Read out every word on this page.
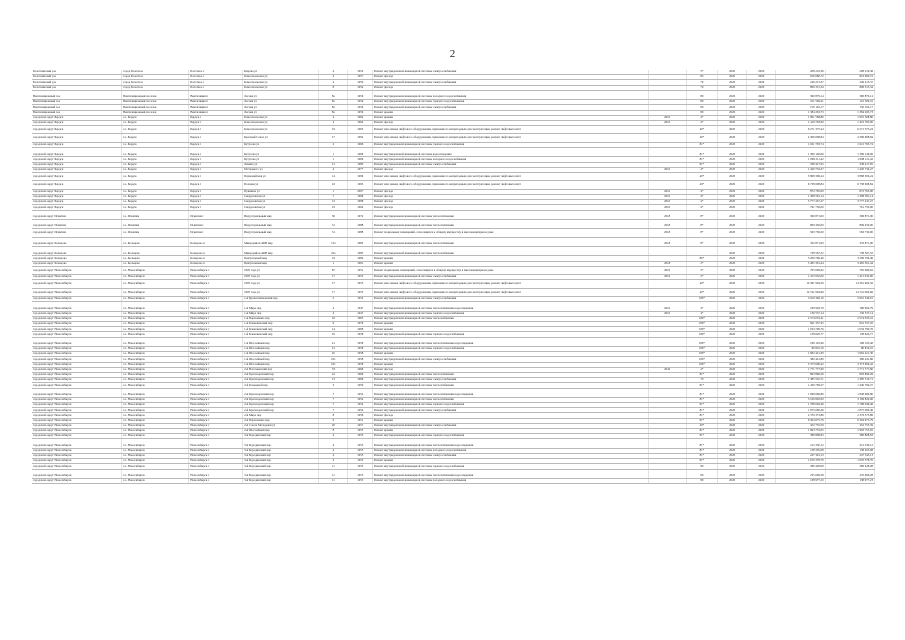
2
Болотнинский р-н	город Болотное	Болотное г	Кирова ул	4	1952	Ремонт внутридомовой инженерной системы электроснабжения		3*	2020	2020	208 216,36	208 216,36
Болотнинский р-н	город Болотное	Болотное г	Комсомольская ул	4	1957	Ремонт фасада		83	2020	2020	816 660,72	816 660,72
Болотнинский р-н	город Болотное	Болотное г	Комсомольская ул	4	1959	Ремонт внутридомовой инженерной системы электроснабжения		70	2020	2020	249 213,37	249 213,37
Болотнинский р-н	город Болотное	Болотное г	Комсомольская ул	8	1954	Ремонт фасада		70	2020	2020	806 315,34	806 315,34

Вентиляционный п-к	Вентиляционный поселок	Вентиляция п	Лесная ул	8а	1956	Ремонт внутридомовой инженерной системы холодного водоснабжения		80	2020	2020	390 879,14	390 879,14
Вентиляционный п-к	Вентиляционный поселок	Вентиляция п	Лесная ул	8а	1956	Ремонт внутридомовой инженерной системы горячего водоснабжения		80	2020	2020	101 509,41	101 509,41
Вентиляционный п-к	Вентиляционный поселок	Вентиляция п	Лесная ул	8а	1956	Ремонт внутридомовой инженерной системы электроснабжения		80	2020	2020	150 102,17	150 102,17
Вентиляционный п-к	Вентиляционный поселок	Вентиляция п	Лесная ул	8а	1956	Ремонт крыши		80	2020	2020	1 384 263,73	1 384 263,73
городской округ Бердск	г.о. Бердск	Бердск г	Комсомольская ул	4	1964	Ремонт крыши	2010	4*	2020	2020	1 991 568,80	1 991 568,80
городской округ Бердск	г.о. Бердск	Бердск г	Комсомольская ул	4	1964	Ремонт фасада	2010	4*	2020	2020	1 419 763,00	1 419 763,00
городской округ Бердск	г.о. Бердск	Бердск г	Комсомольская ул	16	1965	Ремонт или замена лифтового оборудования, признанного непригодным для эксплуатации, ремонт лифтовых шахт		40*	2020	2020	6 271 375,24	6 271 375,24
городской округ Бердск	г.о. Бердск	Бердск г	Красный Сокол ул	17	1992	Ремонт или замена лифтового оборудования, признанного непригодным для эксплуатации, ремонт лифтовых шахт		40*	2020	2020	4 306 608,84	4 306 608,84
городской округ Бердск	г.о. Бердск	Бердск г	Кутузова ул	2	1966	Ремонт внутридомовой инженерной системы горячего водоснабжения		81*	2020	2020	1 021 793,74	1 021 793,74

городской округ Бердск	г.о. Бердск	Бердск г	Кутузова ул	1	1966	Ремонт внутридомовой инженерной системы водоотведения		81*	2020	2020	1 399 146,06	1 399 146,06
городской округ Бердск	г.о. Бердск	Бердск г	Кутузова ул	1	1966	Ремонт внутридомовой инженерной системы холодного водоснабжения		81*	2020	2020	1 098 211,42	1 098 211,42
городской округ Бердск	г.о. Бердск	Бердск г	Ленина ул	21	1983	Ремонт внутридомовой инженерной системы электроснабжения		81*	2020	2020	338 417,95	338 417,95
городской округ Бердск	г.о. Бердск	Бердск г	М.Горького ул	4	1977	Ремонт фасада	2010	4*	2020	2020	1 420 734,27	1 420 734,27
городской округ Бердск	г.о. Бердск	Бердск г	Первомайская ул	14	1996	Ремонт или замена лифтового оборудования, признанного непригодным для эксплуатации, ремонт лифтовых шахт		40*	2020	2020	3 868 306,24	3 868 306,24
городской округ Бердск	г.о. Бердск	Бердск г	Полевая ул	16	1995	Ремонт или замена лифтового оборудования, признанного непригодным для эксплуатации, ремонт лифтовых шахт		40*	2020	2020	6 738 608,84	6 738 608,84
городской округ Бердск	г.о. Бердск	Бердск г	Пушкина ул	1	2007	Ремонт фасада	2010	4*	2020	2020	872 765,00	872 765,00
городской округ Бердск	г.о. Бердск	Бердск г	Свердловская ул	7	1996	Ремонт фасада	2010	4*	2020	2020	1 308 581,14	1 308 581,14
городской округ Бердск	г.о. Бердск	Бердск г	Свердловская ул	13	1998	Ремонт фасада	2010	4*	2020	2020	3 777 247,27	3 777 247,27
городской округ Бердск	г.о. Бердск	Бердск г	Свердловская ул	23	1994	Ремонт фасада	2010	4*	2020	2020	761 750,00	761 750,00

городской округ Искитим	г.о. Искитим	Искитим г	Индустриальный мкр	30	1974	Ремонт внутридомовой инженерной системы теплоснабжения	2018	8*	2020	2020	306 871,00	306 871,00

городской округ Искитим	г.о. Искитим	Искитим г	Индустриальный мкр	31	1988	Ремонт внутридомовой инженерной системы теплоснабжения	2018	8*	2020	2020	809 450,00	809 450,00
городской округ Искитим	г.о. Искитим	Искитим г	Индустриальный мкр	31	1988	Ремонт подвальных помещений, относящихся к общему имуществу в многоквартирном доме	2018	8*	2020	2020	563 730,00	563 730,00

городской округ Кольцово	г.о. Кольцово	Кольцово п	Микрорайон АБВ мкр	13а	1982	Ремонт внутридомовой инженерной системы теплоснабжения	2018	8*	2020	2020	332 871,00	332 871,00

городской округ Кольцово	г.о. Кольцово	Кольцово п	Микрорайон АБВ мкр	22а	1983	Ремонт внутридомовой инженерной системы теплоснабжения			2020	2020	738 567,52	738 567,52
городской округ Кольцово	г.о. Кольцово	Кольцово п	Центральный мкр	19	1984	Ремонт крыши		80*	2020	2020	3 209 790,46	3 209 790,46
городской округ Кольцово	г.о. Кольцово	Кольцово п	Центральный мкр	1	1991	Ремонт крыши	2018	2*	2020	2020	3 465 301,44	3 465 301,44
городской округ Новосибирск	г.о. Новосибирск	Новосибирск г	1905 года ул	87	1951	Ремонт подвальных помещений, относящихся к общему имуществу в многоквартирном доме	2019	2*	2020	2020	765 609,62	765 609,62
городской округ Новосибирск	г.о. Новосибирск	Новосибирск г	1905 года ул	17	1955	Ремонт внутридомовой инженерной системы электроснабжения	2019	2*	2020	2020	1 415 932,00	1 415 932,00
городской округ Новосибирск	г.о. Новосибирск	Новосибирск г	1905 года ул	17	1955	Ремонт или замена лифтового оборудования, признанного непригодным для эксплуатации, ремонт лифтовых шахт		40*	2020	2020	14 361 904,56	14 361 904,56
городской округ Новосибирск	г.о. Новосибирск	Новосибирск г	1905 года ул	17	1955	Ремонт или замена лифтового оборудования, признанного непригодным для эксплуатации, ремонт лифтовых шахт		40*	2020	2020	14 741 904,66	14 741 904,66
городской округ Новосибирск	г.о. Новосибирск	Новосибирск г	1-й Бронштейновский пер	5	1952	Ремонт внутридомовой инженерной системы электроснабжения		180*	2020	2020	3 910 346,10	3 910 346,10

городской округ Новосибирск	г.о. Новосибирск	Новосибирск г	1-й Мира пер	4	1947	Ремонт внутридомовой инженерной системы теплоснабжения водоотведения	2010	4*	2020	2020	180 904,79	180 904,79
городской округ Новосибирск	г.о. Новосибирск	Новосибирск г	1-й Мира пер	4	1947	Ремонт внутридомовой инженерной системы горячего водоснабжения	2010	4*	2020	2020	136 537,14	136 537,14
городской округ Новосибирск	г.о. Новосибирск	Новосибирск г	1-й Пархоменко пер	16	1965	Ремонт внутридомовой инженерной системы теплоснабжения		180*	2020	2020	2 574 033,41	2 574 033,41
городской округ Новосибирск	г.о. Новосибирск	Новосибирск г	1-й Кленовенский пер	9	1976	Ремонт крыши		180*	2020	2020	841 337,45	841 337,45
городской округ Новосибирск	г.о. Новосибирск	Новосибирск г	1-й Кленовенский пер	14	1968	Ремонт крыши		180*	2020	2020	1 034 799,76	1 034 799,76
городской округ Новосибирск	г.о. Новосибирск	Новосибирск г	1-й Кленовенский пер	45	1958	Ремонт внутридомовой инженерной системы горячего водоснабжения		180*	2020	2020	138 620,77	138 620,77

городской округ Новосибирск	г.о. Новосибирск	Новосибирск г	1-й Шоссейный пер	41	1958	Ремонт внутридомовой инженерной системы теплоснабжения водоотведения		180*	2020	2020	168 103,46	168 103,46
городской округ Новосибирск	г.о. Новосибирск	Новосибирск г	1-й Шоссейный пер	41	1958	Ремонт внутридомовой инженерной системы горячего водоснабжения		180*	2020	2020	80 810,10	80 810,10
городской округ Новосибирск	г.о. Новосибирск	Новосибирск г	1-й Шоссейный пер	45	1958	Ремонт крыши		180*	2020	2020	1 962 421,30	1 962 421,30
городской округ Новосибирск	г.о. Новосибирск	Новосибирск г	1-й Шоссейный пер	101	1958	Ремонт внутридомовой инженерной системы электроснабжения		180*	2020	2020	380 441,86	380 441,86
городской округ Новосибирск	г.о. Новосибирск	Новосибирск г	1-й Шоссейный пер	101	1958	Ремонт крыши		180*	2020	2020	3 373 606,42	3 373 606,42
городской округ Новосибирск	г.о. Новосибирск	Новосибирск г	2-й Волочаевский пер	33	1966	Ремонт фасада	2042	4*	2020	2020	1 771 777,60	1 771 777,60
городской округ Новосибирск	г.о. Новосибирск	Новосибирск г	2-й Краснодонский пер	22	1966	Ремонт внутридомовой инженерной системы теплоснабжения		81*	2020	2020	893 890,26	893 890,26
городской округ Новосибирск	г.о. Новосибирск	Новосибирск г	2-й Краснодонский пер	13	1966	Ремонт внутридомовой инженерной системы электроснабжения		70	2020	2020	1 385 510,71	1 385 510,71
городской округ Новосибирск	г.о. Новосибирск	Новосибирск г	2-й Кольцевой пер	3	1959	Ремонт внутридомовой инженерной системы теплоснабжения		81*	2020	2020	1 430 709,27	1 430 709,27

городской округ Новосибирск	г.о. Новосибирск	Новосибирск г	2-й Краснодонский пер	7	1954	Ремонт внутридомовой инженерной системы теплоснабжения водоотведения		81*	2020	2020	1 848 669,80	1 848 669,80
городской округ Новосибирск	г.о. Новосибирск	Новосибирск г	2-й Краснодонский пер	7	1954	Ремонт внутридомовой инженерной системы теплоснабжения		81*	2020	2020	3 109 820,00	3 109 820,00
городской округ Новосибирск	г.о. Новосибирск	Новосибирск г	2-й Краснодонский пер	7	1954	Ремонт внутридомовой инженерной системы горячего водоснабжения		81*	2020	2020	1 768 049,46	1 768 049,46
городской округ Новосибирск	г.о. Новосибирск	Новосибирск г	2-й Краснодонский пер	7	1954	Ремонт внутридомовой инженерной системы электроснабжения		81*	2020	2020	1 875 090,46	1 875 090,46
городской округ Новосибирск	г.о. Новосибирск	Новосибирск г	2-й Мира пер	8	1956	Ремонт фасада		81*	2020	2020	2 379 373,86	2 379 373,86
городской округ Новосибирск	г.о. Новосибирск	Новосибирск г	2-й Пархоменко пер	6	1951	Ремонт крыши		81*	2020	2020	6 304 675,79	6 304 675,79
городской округ Новосибирск	г.о. Новосибирск	Новосибирск г	2-й Союза Молодежи ул	20	1957	Ремонт внутридомовой инженерной системы электроснабжения		40*	2020	2020	452 755,59	452 755,59
городской округ Новосибирск	г.о. Новосибирск	Новосибирск г	2-й Шоссейный пер	8	1955	Ремонт крыши		81*	2020	2020	1 993 755,05	1 993 755,05
городской округ Новосибирск	г.о. Новосибирск	Новосибирск г	3-й Бородинский пер	4	1953	Ремонт внутридомовой инженерной системы горячего водоснабжения		81*	2020	2020	380 808,63	380 808,63

городской округ Новосибирск	г.о. Новосибирск	Новосибирск г	3-й Бородинский пер	4	1953	Ремонт внутридомовой инженерной системы теплоснабжения водоотведения		81*	2020	2020	212 330,12	212 330,12
городской округ Новосибирск	г.о. Новосибирск	Новосибирск г	3-й Бородинский пер	4	1953	Ремонт внутридомовой инженерной системы холодного водоснабжения		81*	2020	2020	138 205,08	138 205,08
городской округ Новосибирск	г.о. Новосибирск	Новосибирск г	3-й Бородинский пер	4	1953	Ремонт внутридомовой инженерной системы электроснабжения		81*	2020	2020	247 343,13	247 343,13
городской округ Новосибирск	г.о. Новосибирск	Новосибирск г	3-й Бородинский пер	4	1953	Ремонт крыши		81*	2020	2020	1 670 378,70	1 670 378,70
городской округ Новосибирск	г.о. Новосибирск	Новосибирск г	3-й Бородинский пер	11	1953	Ремонт внутридомовой инженерной системы горячего водоснабжения		80	2020	2020	380 428,08	380 428,08

городской округ Новосибирск	г.о. Новосибирск	Новосибирск г	3-й Бородинский пер	11	1953	Ремонт внутридомовой инженерной системы теплоснабжения водоотведения		80	2020	2020	235 606,28	235 606,28
городской округ Новосибирск	г.о. Новосибирск	Новосибирск г	3-й Бородинский пер	11	1953	Ремонт внутридомовой инженерной системы холодного водоснабжения		80	2020	2020	138 977,23	138 977,23
